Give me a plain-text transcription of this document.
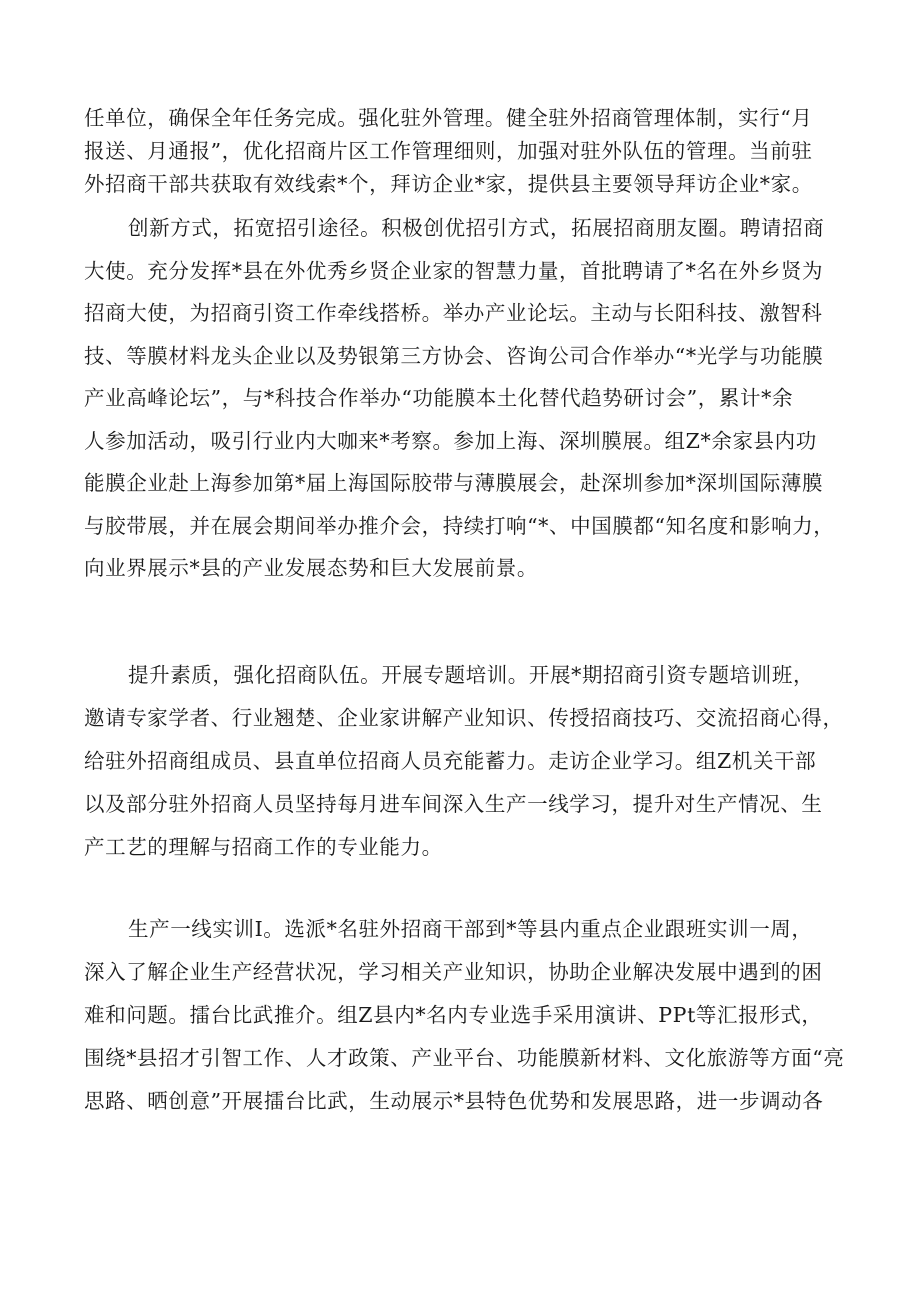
任单位，确保全年任务完成。强化驻外管理。健全驻外招商管理体制，实行“月
报送、月通报”，优化招商片区工作管理细则，加强对驻外队伍的管理。当前驻
外招商干部共获取有效线索*个，拜访企业*家，提供县主要领导拜访企业*家。

创新方式，拓宽招引途径。积极创优招引方式，拓展招商朋友圈。聘请招商
大使。充分发挥*县在外优秀乡贤企业家的智慧力量，首批聘请了*名在外乡贤为
招商大使，为招商引资工作牵线搭桥。举办产业论坛。主动与长阳科技、激智科
技、等膜材料龙头企业以及势银第三方协会、咨询公司合作举办“*光学与功能膜
产业高峰论坛”，与*科技合作举办“功能膜本土化替代趋势研讨会”，累计*余
人参加活动，吸引行业内大咖来*考察。参加上海、深圳膜展。组Z*余家县内功
能膜企业赴上海参加第*届上海国际胶带与薄膜展会，赴深圳参加*深圳国际薄膜
与胶带展，并在展会期间举办推介会，持续打响“*、中国膜都“知名度和影响力，
向业界展示*县的产业发展态势和巨大发展前景。

提升素质，强化招商队伍。开展专题培训。开展*期招商引资专题培训班，
邀请专家学者、行业翘楚、企业家讲解产业知识、传授招商技巧、交流招商心得，
给驻外招商组成员、县直单位招商人员充能蓄力。走访企业学习。组Z机关干部
以及部分驻外招商人员坚持每月进车间深入生产一线学习，提升对生产情况、生
产工艺的理解与招商工作的专业能力。

生产一线实训I。选派*名驻外招商干部到*等县内重点企业跟班实训一周，
深入了解企业生产经营状况，学习相关产业知识，协助企业解决发展中遇到的困
难和问题。擂台比武推介。组Z县内*名内专业选手采用演讲、PPt等汇报形式，
围绕*县招才引智工作、人才政策、产业平台、功能膜新材料、文化旅游等方面“亮
思路、晒创意”开展擂台比武，生动展示*县特色优势和发展思路，进一步调动各
